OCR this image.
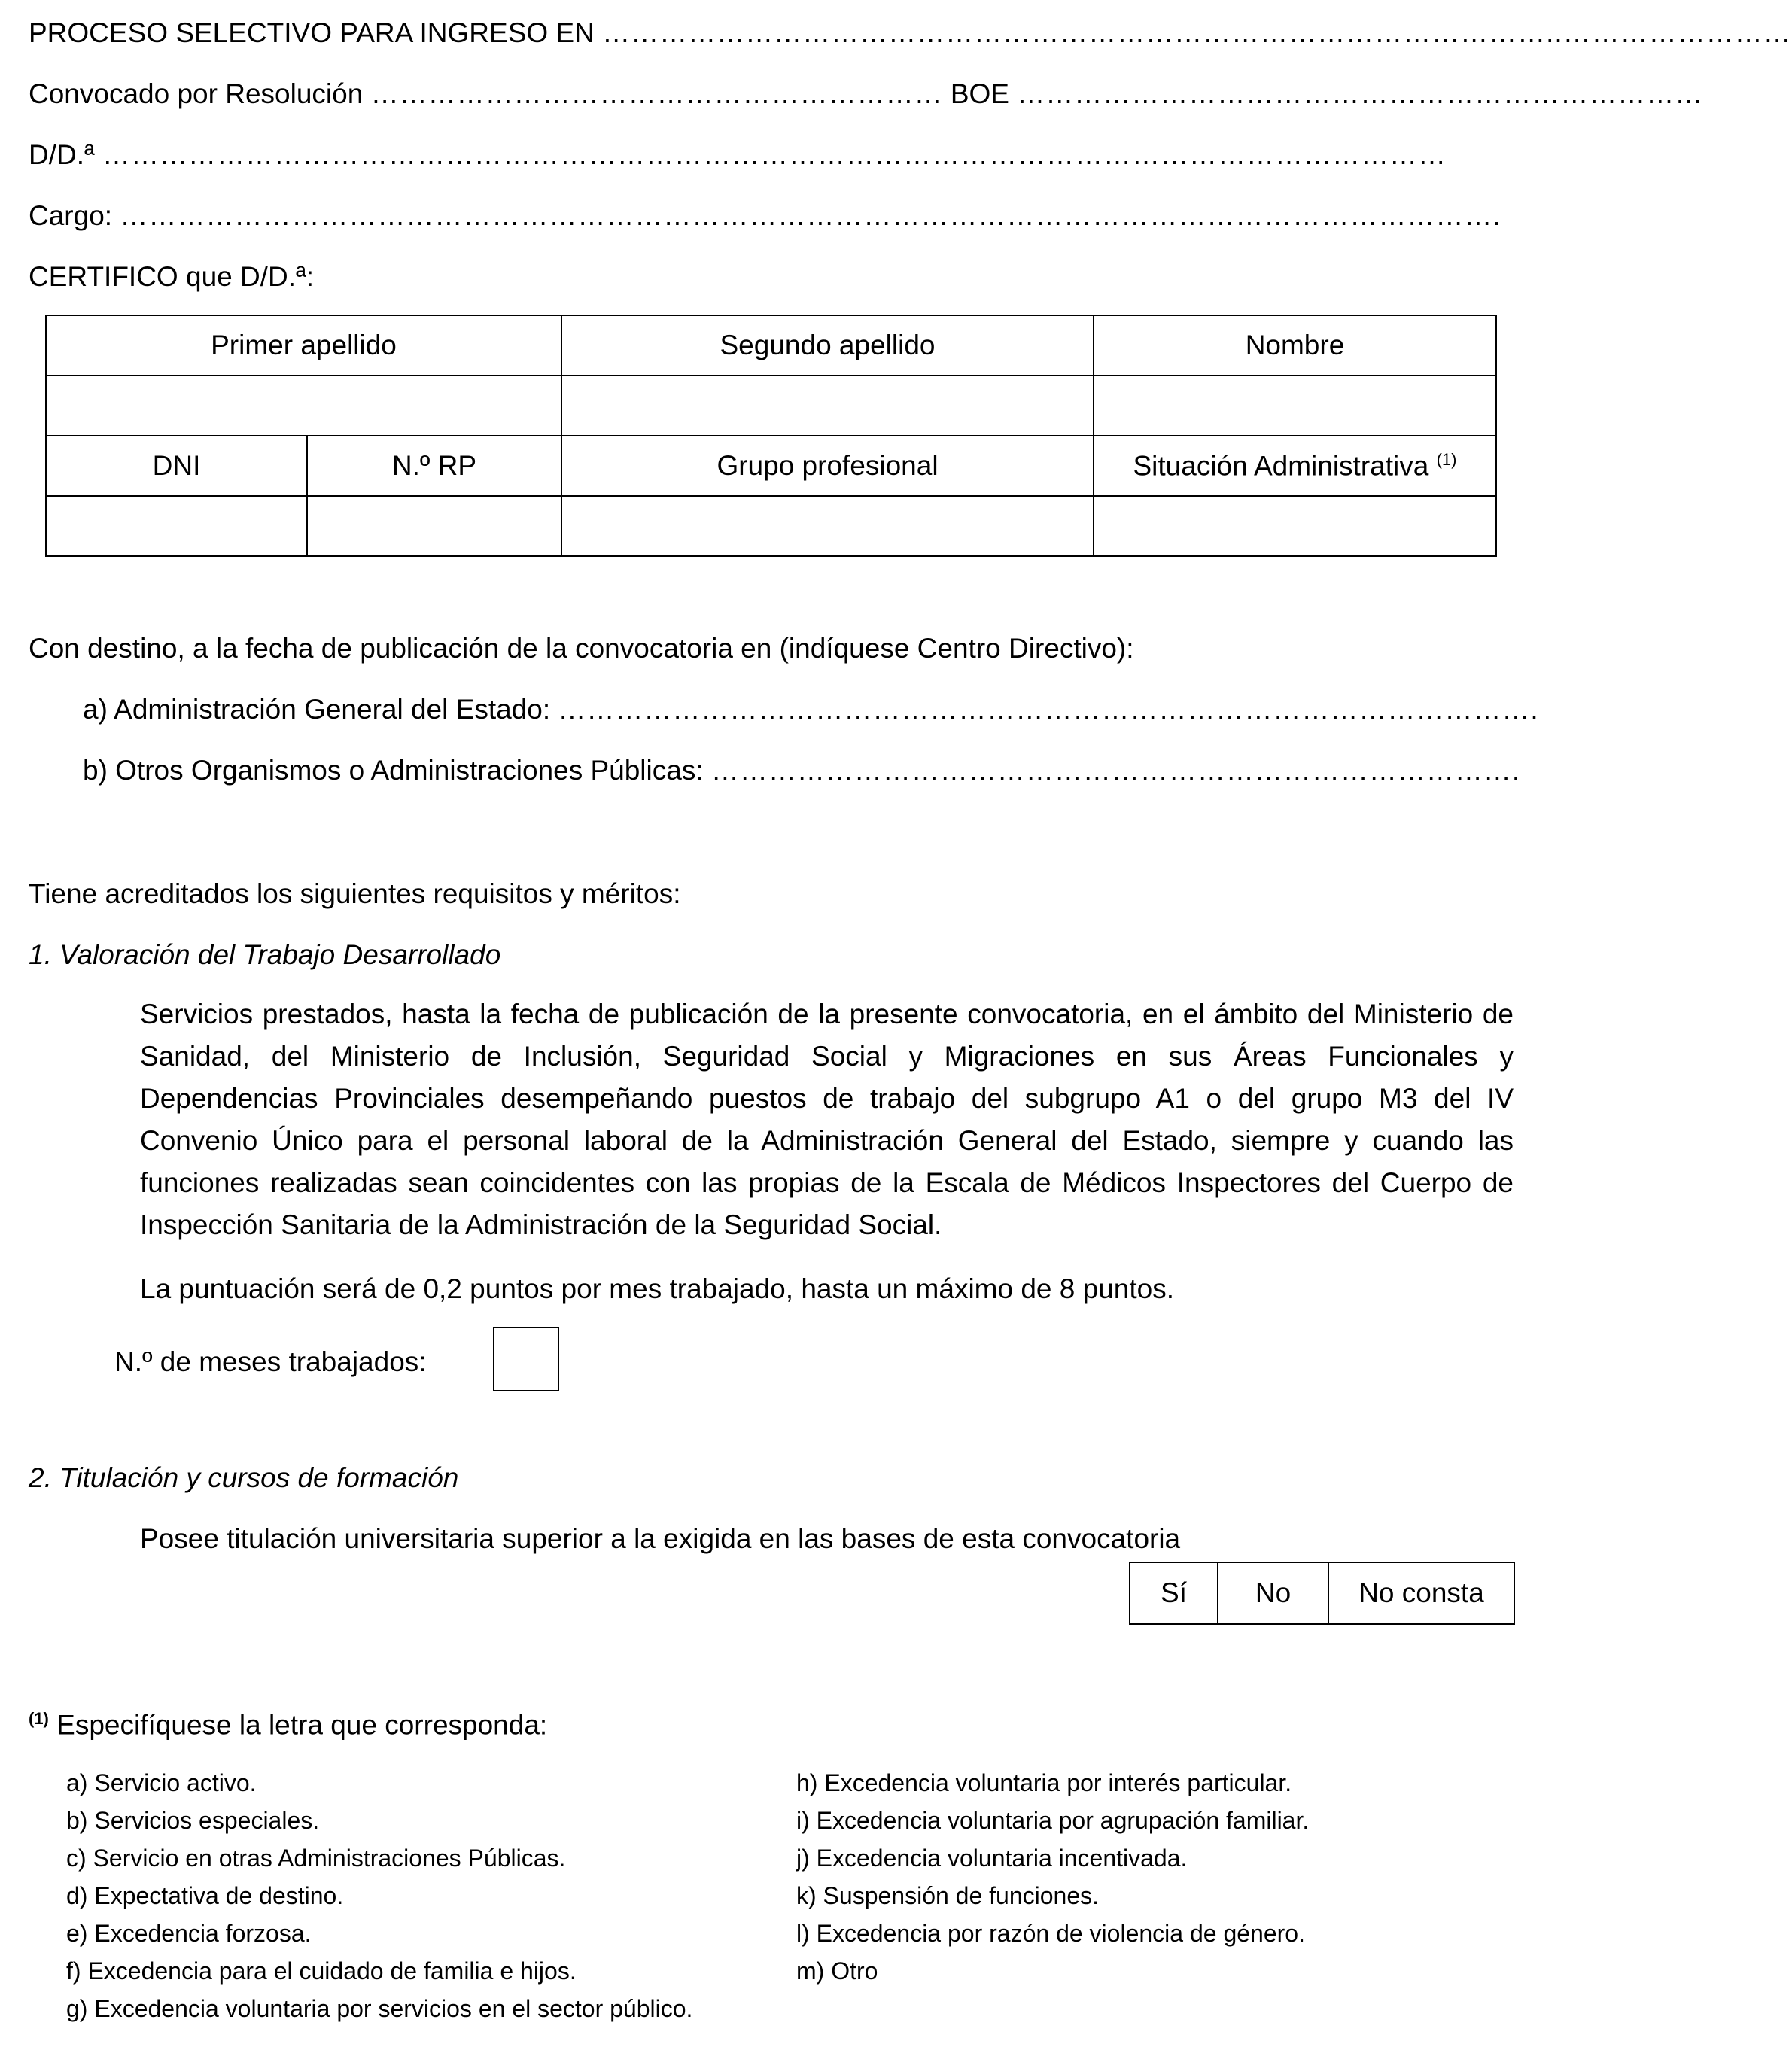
PROCESO SELECTIVO PARA INGRESO EN ………………………………………………………………………………………..……………………
Convocado por Resolución …………………………………………………… BOE ………………………………………………………………
D/D.ª ……………………………………………………………………………………………………………………………
Cargo: ……………………………………………………………………………………………………………………………….
CERTIFICO que D/D.ª:
Primer apellido		Segundo apellido	Nombre

DNI	N.º RP	Grupo profesional	Situación Administrativa $^{(1)}$

Con destino, a la fecha de publicación de la convocatoria en (indíquese Centro Directivo):
a) Administración General del Estado: ………………………………………………………………………………………….
b) Otros Organismos o Administraciones Públicas: ………………………………………………………………………….
Tiene acreditados los siguientes requisitos y méritos:
1. Valoración del Trabajo Desarrollado
Servicios prestados, hasta la fecha de publicación de la presente convocatoria, en el ámbito del Ministerio de Sanidad, del Ministerio de Inclusión, Seguridad Social y Migraciones en sus Áreas Funcionales y Dependencias Provinciales desempeñando puestos de trabajo del subgrupo A1 o del grupo M3 del IV Convenio Único para el personal laboral de la Administración General del Estado, siempre y cuando las funciones realizadas sean coincidentes con las propias de la Escala de Médicos Inspectores del Cuerpo de Inspección Sanitaria de la Administración de la Seguridad Social.
La puntuación será de 0,2 puntos por mes trabajado, hasta un máximo de 8 puntos.
N.º de meses trabajados:
2. Titulación y cursos de formación
Posee titulación universitaria superior a la exigida en las bases de esta convocatoria
Sí	No	No consta
$^{(1)}$ Especifíquese la letra que corresponda:
a) Servicio activo.
b) Servicios especiales.
c) Servicio en otras Administraciones Públicas.
d) Expectativa de destino.
e) Excedencia forzosa.
f) Excedencia para el cuidado de familia e hijos.
g) Excedencia voluntaria por servicios en el sector público.
h) Excedencia voluntaria por interés particular.
i) Excedencia voluntaria por agrupación familiar.
j) Excedencia voluntaria incentivada.
k) Suspensión de funciones.
l) Excedencia por razón de violencia de género.
m) Otro
